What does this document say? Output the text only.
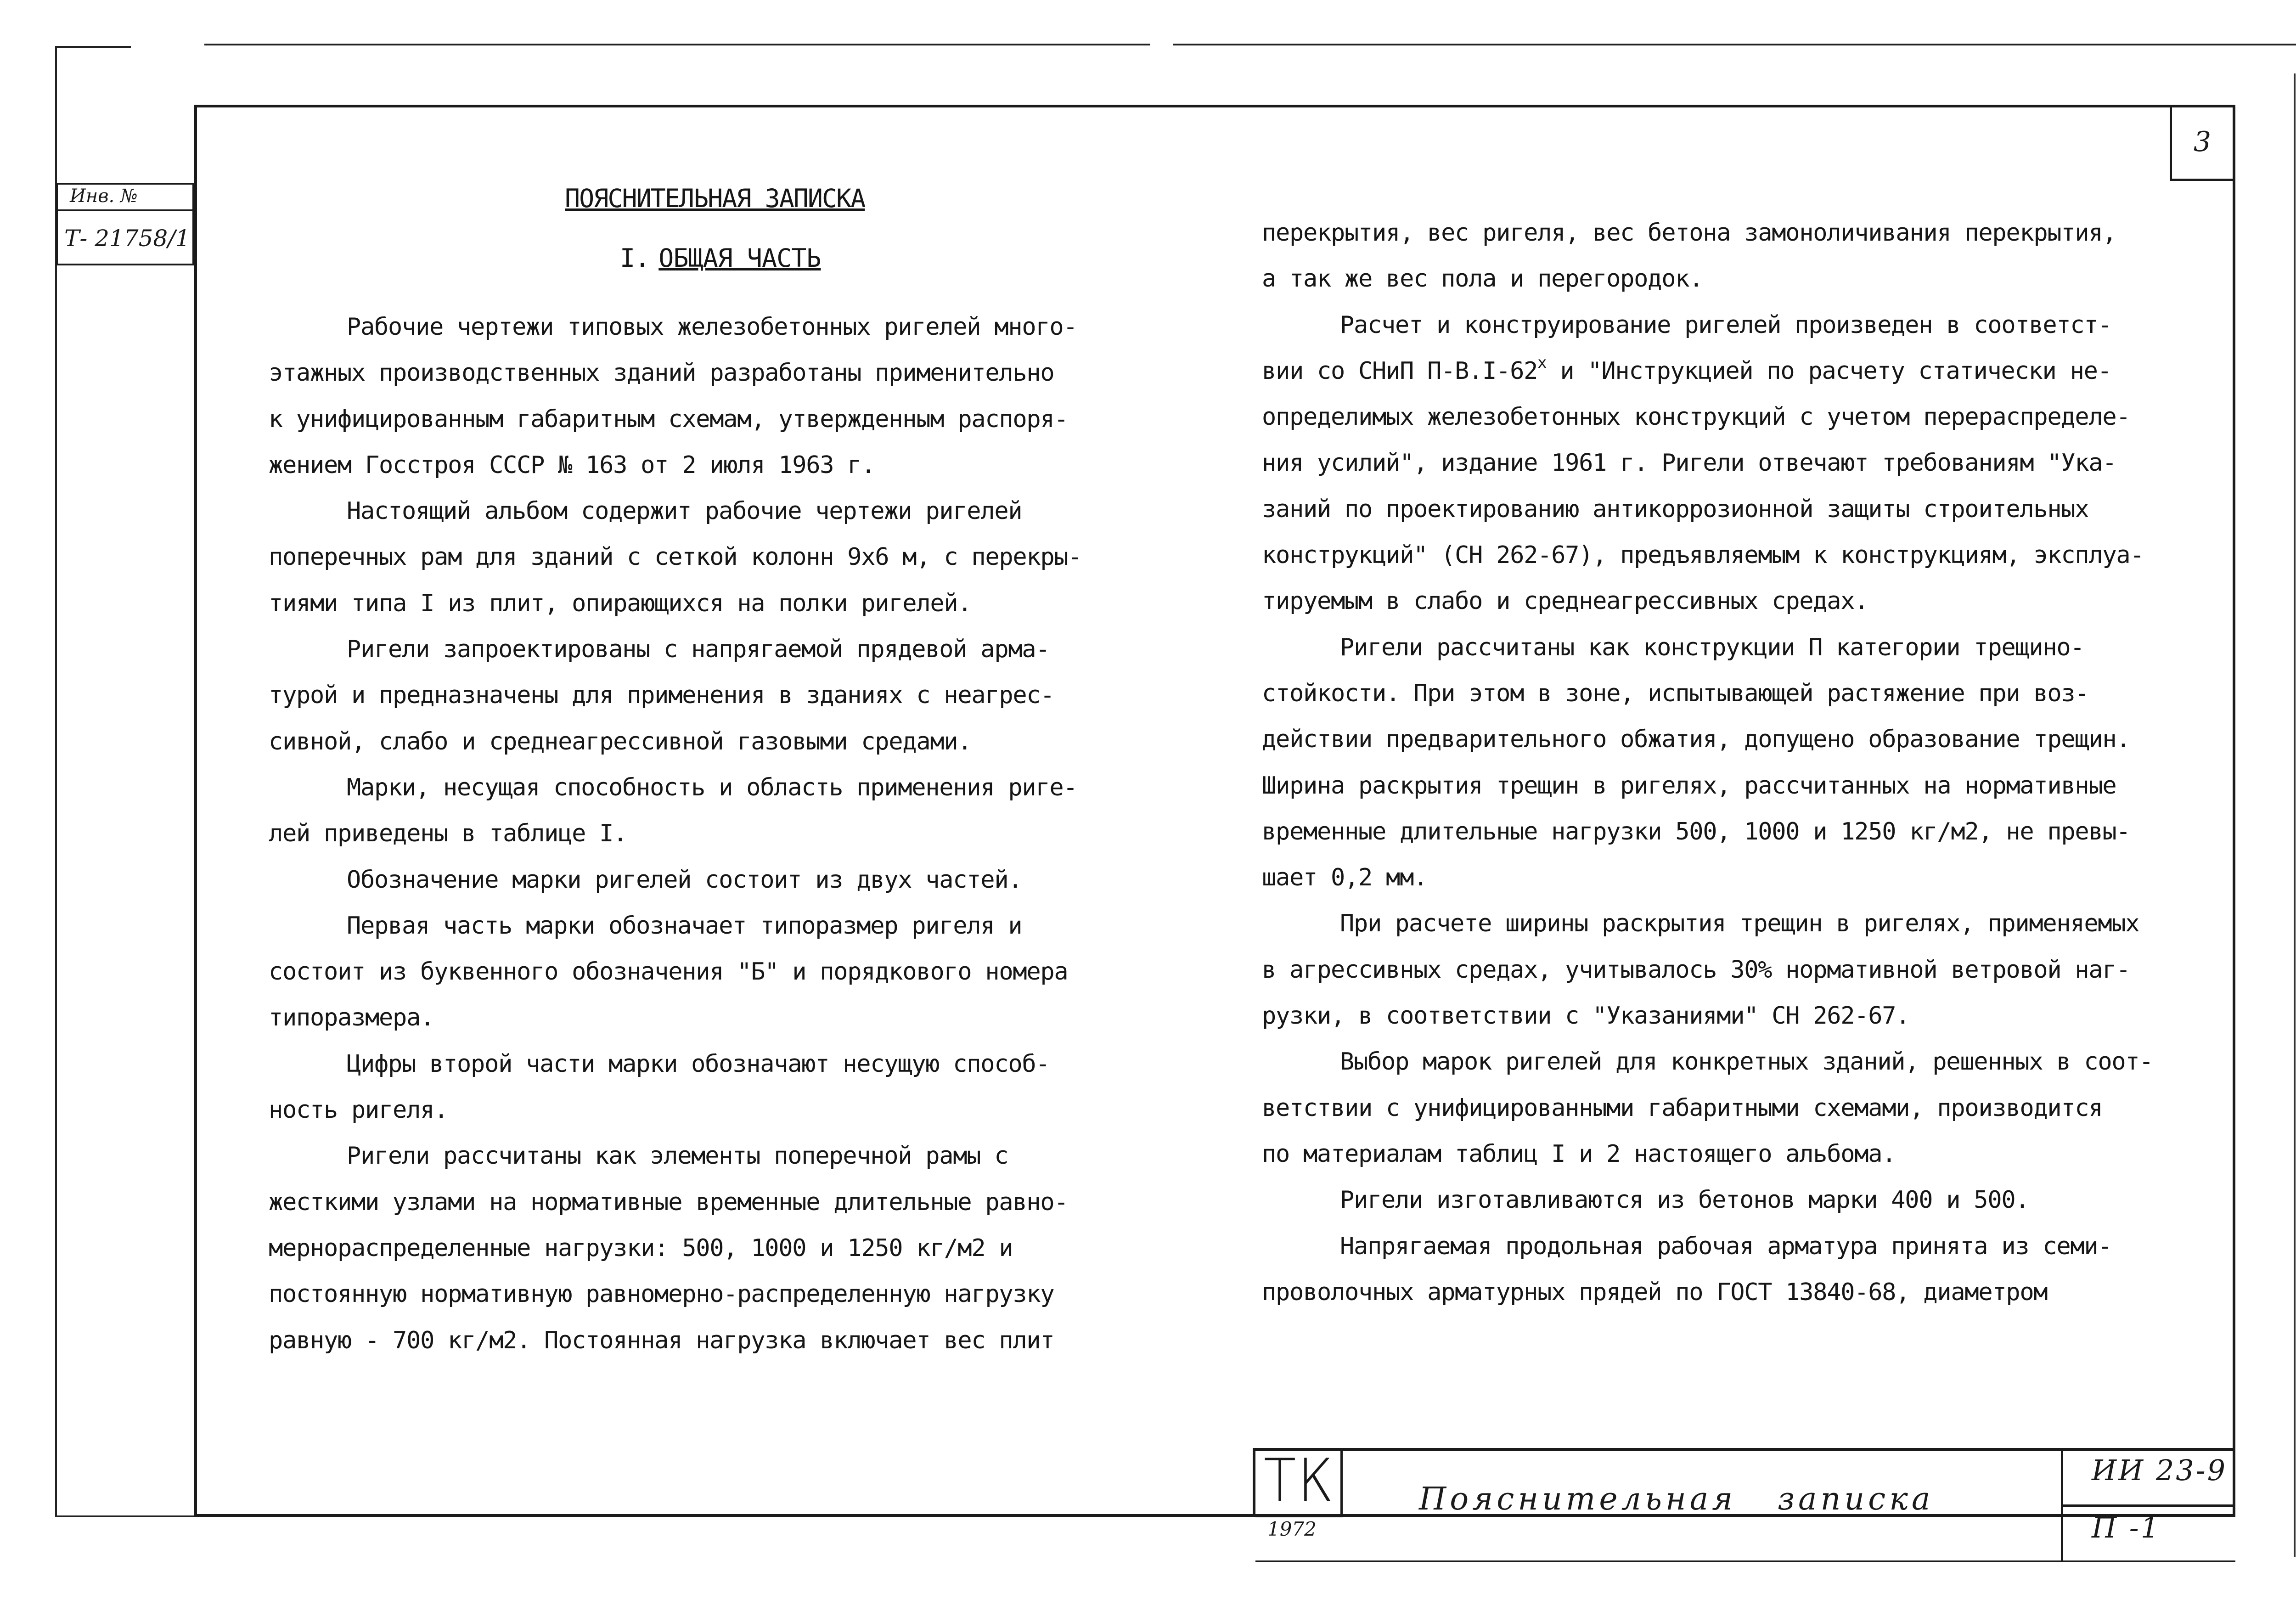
Инв. №
Т- 21758/1
3
ПОЯСНИТЕЛЬНАЯ ЗАПИСКА
I. ОБЩАЯ ЧАСТЬ
Рабочие чертежи типовых железобетонных ригелей много-
этажных производственных зданий разработаны применительно
к унифицированным габаритным схемам, утвержденным распоря-
жением Госстроя СССР № 163 от 2 июля 1963 г.
Настоящий альбом содержит рабочие чертежи ригелей
поперечных рам для зданий с сеткой колонн 9х6 м, с перекры-
тиями типа I из плит, опирающихся на полки ригелей.
Ригели запроектированы с напрягаемой прядевой арма-
турой и предназначены для применения в зданиях с неагрес-
сивной, слабо и среднеагрессивной газовыми средами.
Марки, несущая способность и область применения риге-
лей приведены в таблице I.
Обозначение марки ригелей состоит из двух частей.
Первая часть марки обозначает типоразмер ригеля и
состоит из буквенного обозначения "Б" и порядкового номера
типоразмера.
Цифры второй части марки обозначают несущую способ-
ность ригеля.
Ригели рассчитаны как элементы поперечной рамы с
жесткими узлами на нормативные временные длительные равно-
мернораспределенные нагрузки: 500, 1000 и 1250 кг/м2 и
постоянную нормативную равномерно-распределенную нагрузку
равную - 700 кг/м2. Постоянная нагрузка включает вес плит
перекрытия, вес ригеля, вес бетона замоноличивания перекрытия,
а так же вес пола и перегородок.
Расчет и конструирование ригелей произведен в соответст-
вии со СНиП $П-В.I-62^х$ и "Инструкцией по расчету статически не-
определимых железобетонных конструкций с учетом перераспределе-
ния усилий", издание 1961 г. Ригели отвечают требованиям "Ука-
заний по проектированию антикоррозионной защиты строительных
конструкций" (СН 262-67), предъявляемым к конструкциям, эксплуа-
тируемым в слабо и среднеагрессивных средах.
Ригели рассчитаны как конструкции П категории трещино-
стойкости. При этом в зоне, испытывающей растяжение при воз-
действии предварительного обжатия, допущено образование трещин.
Ширина раскрытия трещин в ригелях, рассчитанных на нормативные
временные длительные нагрузки 500, 1000 и 1250 кг/м2, не превы-
шает 0,2 мм.
При расчете ширины раскрытия трещин в ригелях, применяемых
в агрессивных средах, учитывалось 30% нормативной ветровой наг-
рузки, в соответствии с "Указаниями" СН 262-67.
Выбор марок ригелей для конкретных зданий, решенных в соот-
ветствии с унифицированными габаритными схемами, производится
по материалам таблиц I и 2 настоящего альбома.
Ригели изготавливаются из бетонов марки 400 и 500.
Напрягаемая продольная рабочая арматура принята из семи-
проволочных арматурных прядей по ГОСТ 13840-68, диаметром
ТК
1972
Пояснительная записка
ИИ 23-9
П -1
